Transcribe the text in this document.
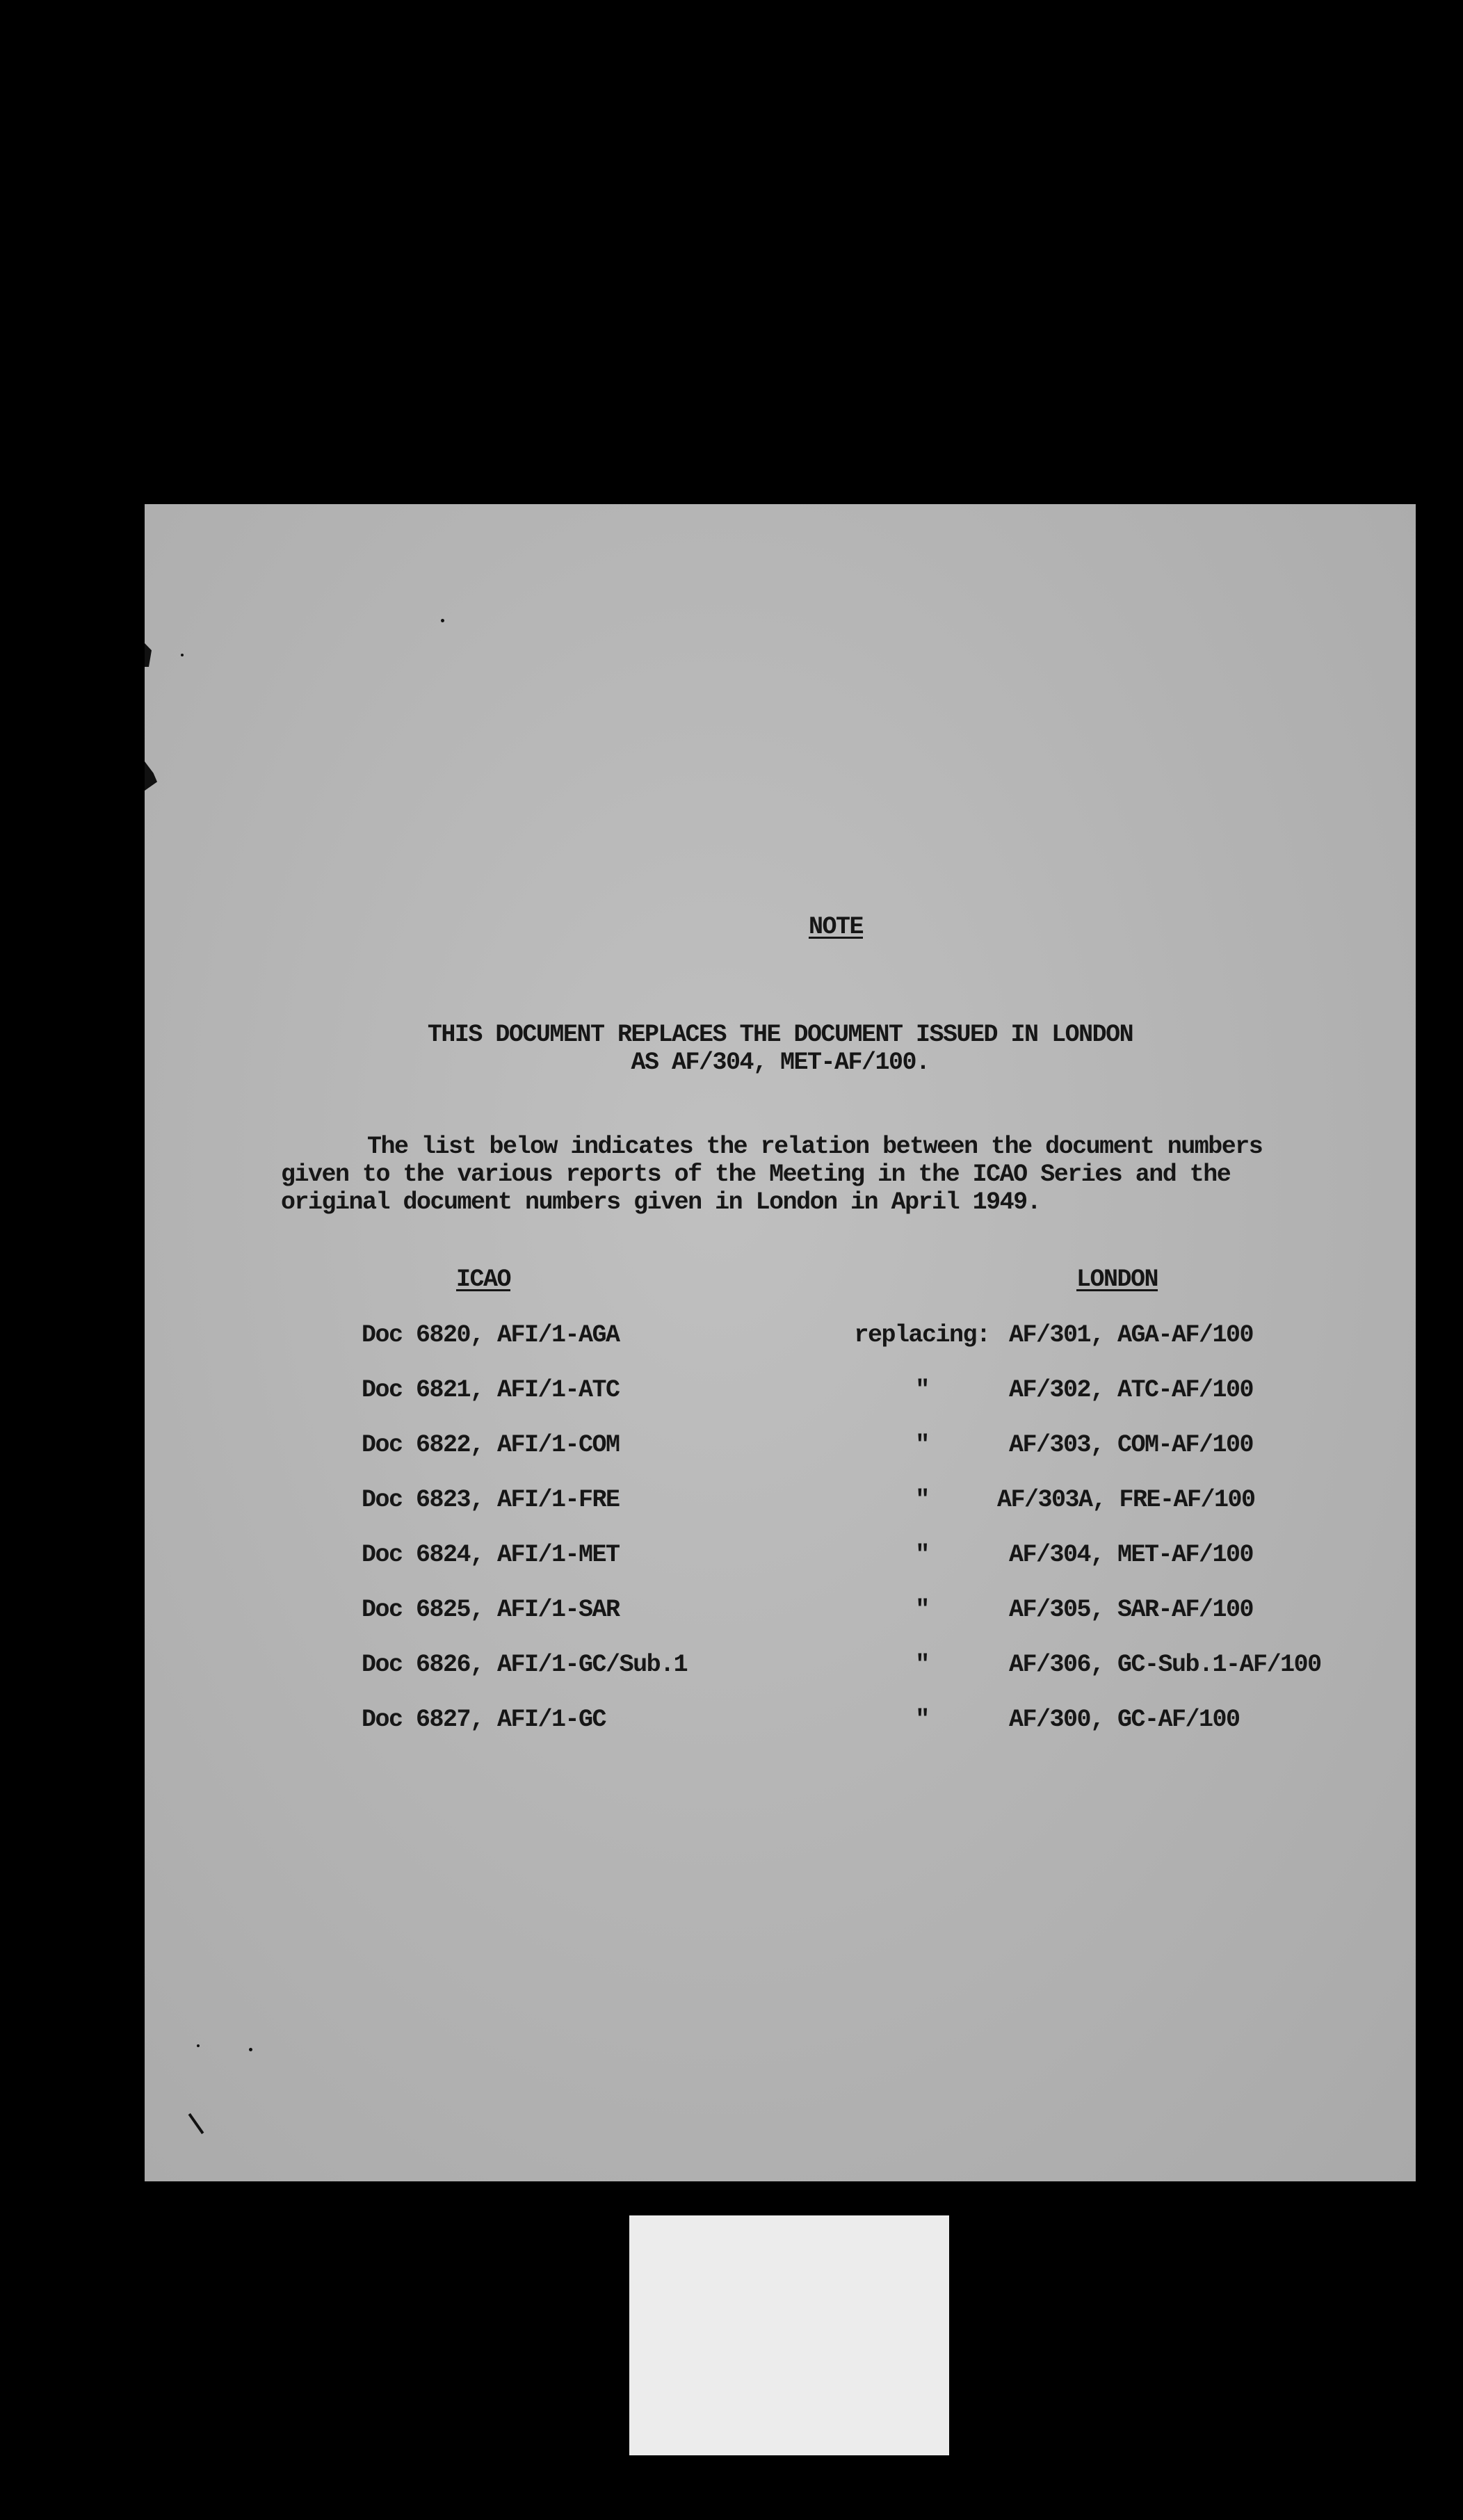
NOTE
THIS DOCUMENT REPLACES THE DOCUMENT ISSUED IN LONDON
AS AF/304, MET-AF/100.
The list below indicates the relation between the document numbers
given to the various reports of the Meeting in the ICAO Series and the
original document numbers given in London in April 1949.
ICAO	LONDON
Doc 6820, AFI/1-AGA	replacing: AF/301, AGA-AF/100
Doc 6821, AFI/1-ATC	"	AF/302, ATC-AF/100
Doc 6822, AFI/1-COM	"	AF/303, COM-AF/100
Doc 6823, AFI/1-FRE	"	AF/303A, FRE-AF/100
Doc 6824, AFI/1-MET	"	AF/304, MET-AF/100
Doc 6825, AFI/1-SAR	"	AF/305, SAR-AF/100
Doc 6826, AFI/1-GC/Sub.1	"	AF/306, GC-Sub.1-AF/100
Doc 6827, AFI/1-GC	"	AF/300, GC-AF/100
